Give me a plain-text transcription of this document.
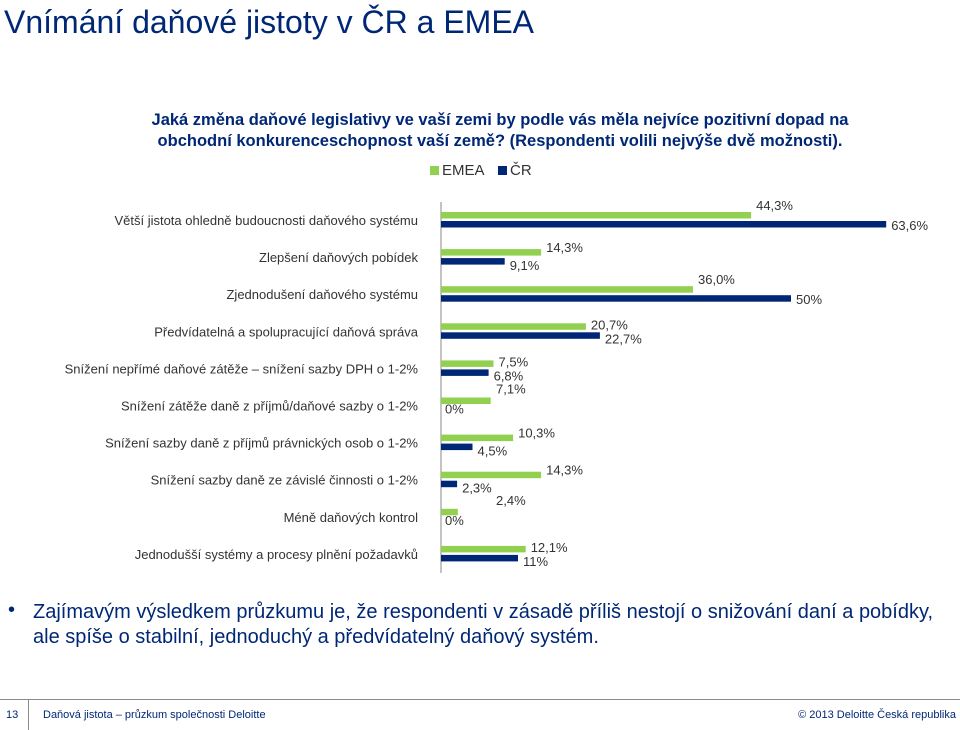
Vnímání daňové jistoty v ČR a EMEA
Jaká změna daňové legislativy ve vaší zemi by podle vás měla nejvíce pozitivní dopad na
obchodní konkurenceschopnost vaší země? (Respondenti volili nejvýše dvě možnosti).
EMEA ČR
Větší jistota ohledně budoucnosti daňového systému
44,3%
63,6%
Zlepšení daňových pobídek
14,3%
9,1%
Zjednodušení daňového systému
36,0%
50%
Předvídatelná a spolupracující daňová správa	20,7%
22,7%
Snížení nepřímé daňové zátěže – snížení sazby DPH o 1-2%	7,5%
6,8%
Snížení zátěže daně z příjmů/daňové sazby o 1-2%
7,1%
0%
Snížení sazby daně z příjmů právnických osob o 1-2%
10,3%
4,5%
Snížení sazby daně ze závislé činnosti o 1-2%
14,3%
2,3%
Méně daňových kontrol
2,4%
0%
Jednodušší systémy a procesy plnění požadavků	12,1%
11%
• Zajímavým výsledkem průzkumu je, že respondenti v zásadě příliš nestojí o snižování daní a pobídky, ale spíše o stabilní, jednoduchý a předvídatelný daňový systém.
13 Daňová jistota – průzkum společnosti Deloitte	© 2013 Deloitte Česká republika
